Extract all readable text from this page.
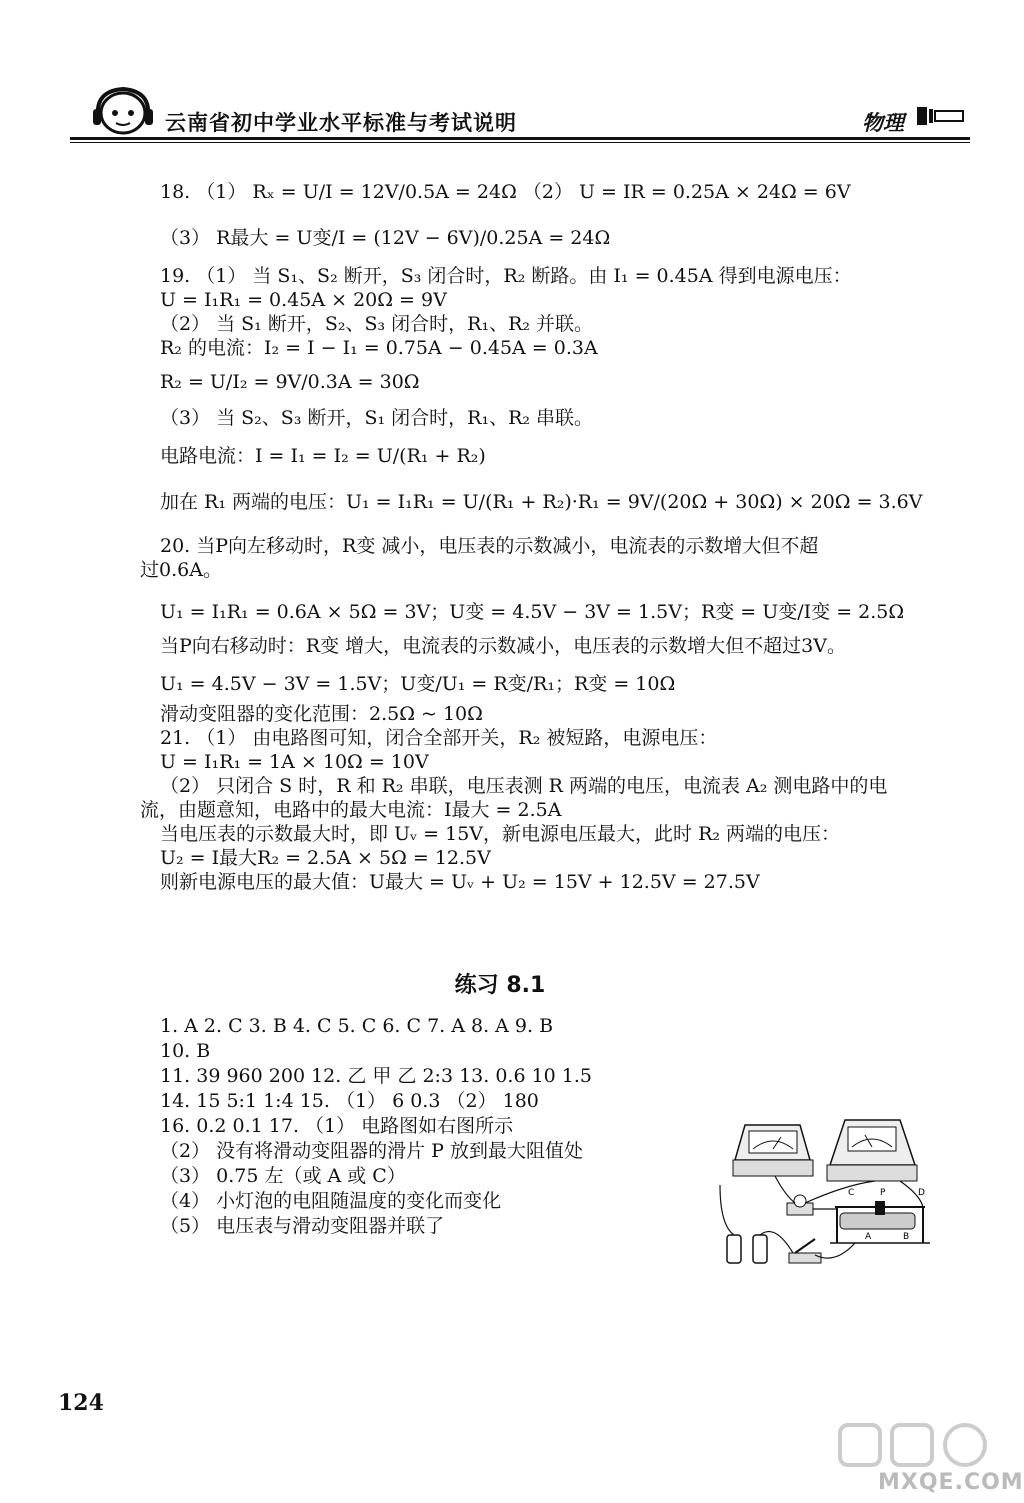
云南省初中学业水平标准与考试说明	物理

18. （1） Rₓ = U/I = 12V/0.5A = 24Ω （2） U = IR = 0.25A × 24Ω = 6V

（3） R最大 = U变/I = (12V − 6V)/0.25A = 24Ω

19. （1） 当 S₁、S₂ 断开，S₃ 闭合时，R₂ 断路。由 I₁ = 0.45A 得到电源电压：

U = I₁R₁ = 0.45A × 20Ω = 9V

（2） 当 S₁ 断开，S₂、S₃ 闭合时，R₁、R₂ 并联。

R₂ 的电流：I₂ = I − I₁ = 0.75A − 0.45A = 0.3A

R₂ = U/I₂ = 9V/0.3A = 30Ω

（3） 当 S₂、S₃ 断开，S₁ 闭合时，R₁、R₂ 串联。

电路电流：I = I₁ = I₂ = U/(R₁ + R₂)

加在 R₁ 两端的电压：U₁ = I₁R₁ = U/(R₁ + R₂)·R₁ = 9V/(20Ω + 30Ω) × 20Ω = 3.6V

20. 当P向左移动时，R变 减小，电压表的示数减小，电流表的示数增大但不超

过0.6A。

U₁ = I₁R₁ = 0.6A × 5Ω = 3V；U变 = 4.5V − 3V = 1.5V；R变 = U变/I变 = 2.5Ω

当P向右移动时：R变 增大，电流表的示数减小，电压表的示数增大但不超过3V。

U₁ = 4.5V − 3V = 1.5V；U变/U₁ = R变/R₁；R变 = 10Ω

滑动变阻器的变化范围：2.5Ω ~ 10Ω

21. （1） 由电路图可知，闭合全部开关，R₂ 被短路，电源电压：

U = I₁R₁ = 1A × 10Ω = 10V

（2） 只闭合 S 时，R 和 R₂ 串联，电压表测 R 两端的电压，电流表 A₂ 测电路中的电

流，由题意知，电路中的最大电流：I最大 = 2.5A

当电压表的示数最大时，即 Uᵥ = 15V，新电源电压最大，此时 R₂ 两端的电压：

U₂ = I最大R₂ = 2.5A × 5Ω = 12.5V

则新电源电压的最大值：U最大 = Uᵥ + U₂ = 15V + 12.5V = 27.5V

练习 8.1

1. A 2. C 3. B 4. C 5. C 6. C 7. A 8. A 9. B

10. B

11. 39 960 200 12. 乙 甲 乙 2:3 13. 0.6 10 1.5

14. 15 5:1 1:4 15. （1） 6 0.3 （2） 180

16. 0.2 0.1 17. （1） 电路图如右图所示

（2） 没有将滑动变阻器的滑片 P 放到最大阻值处

（3） 0.75 左（或 A 或 C）

（4） 小灯泡的电阻随温度的变化而变化

（5） 电压表与滑动变阻器并联了

C	P	D
A	B
124
MXQE.COM
